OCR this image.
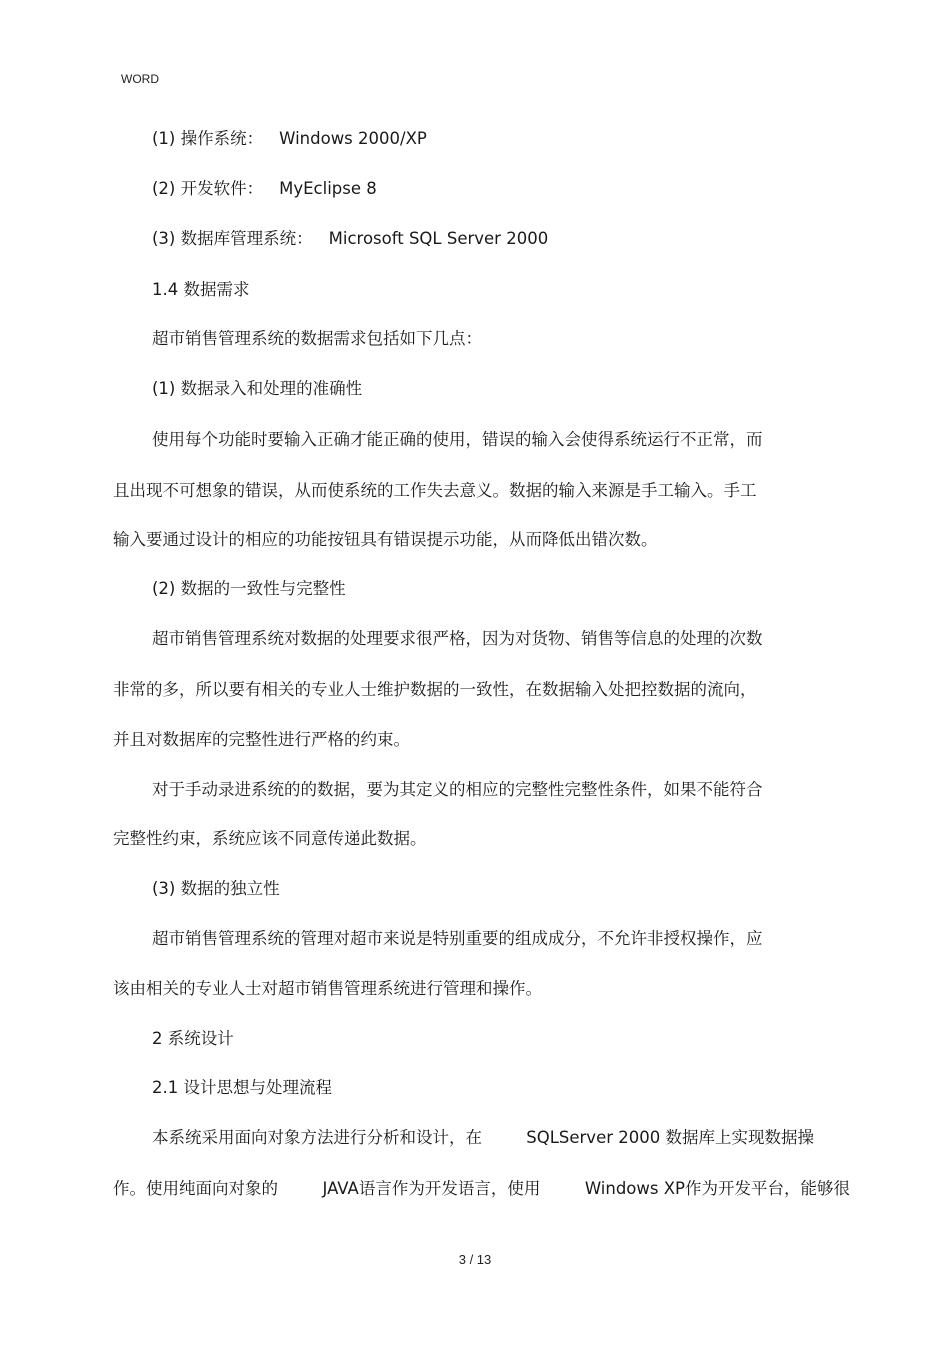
WORD
(1) 操作系统： Windows 2000/XP
(2) 开发软件： MyEclipse 8
(3) 数据库管理系统： Microsoft SQL Server 2000
1.4 数据需求
超市销售管理系统的数据需求包括如下几点：
(1) 数据录入和处理的准确性
使用每个功能时要输入正确才能正确的使用，错误的输入会使得系统运行不正常，而
且出现不可想象的错误，从而使系统的工作失去意义。数据的输入来源是手工输入。手工
输入要通过设计的相应的功能按钮具有错误提示功能，从而降低出错次数。
(2) 数据的一致性与完整性
超市销售管理系统对数据的处理要求很严格，因为对货物、销售等信息的处理的次数
非常的多，所以要有相关的专业人士维护数据的一致性，在数据输入处把控数据的流向，
并且对数据库的完整性进行严格的约束。
对于手动录进系统的的数据，要为其定义的相应的完整性完整性条件，如果不能符合
完整性约束，系统应该不同意传递此数据。
(3) 数据的独立性
超市销售管理系统的管理对超市来说是特别重要的组成成分，不允许非授权操作，应
该由相关的专业人士对超市销售管理系统进行管理和操作。
2 系统设计
2.1 设计思想与处理流程
本系统采用面向对象方法进行分析和设计，在	SQLServer 2000 数据库上实现数据操
作。使用纯面向对象的	JAVA语言作为开发语言，使用	Windows XP作为开发平台，能够很
3 / 13
